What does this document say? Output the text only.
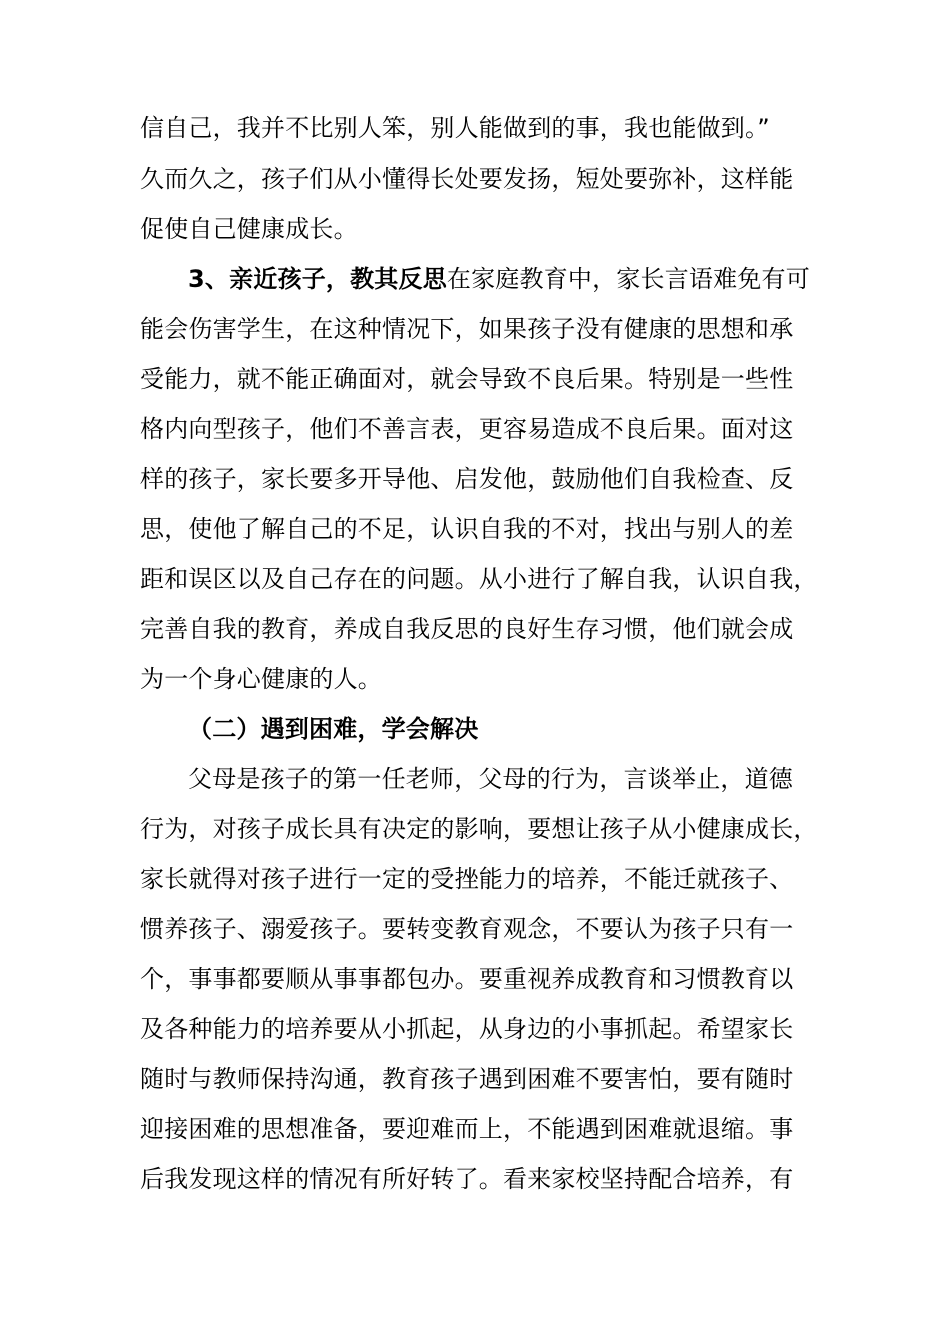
信自己，我并不比别人笨，别人能做到的事，我也能做到。”
久而久之，孩子们从小懂得长处要发扬，短处要弥补，这样能
促使自己健康成长。
3、亲近孩子，教其反思在家庭教育中，家长言语难免有可
能会伤害学生，在这种情况下，如果孩子没有健康的思想和承
受能力，就不能正确面对，就会导致不良后果。特别是一些性
格内向型孩子，他们不善言表，更容易造成不良后果。面对这
样的孩子，家长要多开导他、启发他，鼓励他们自我检查、反
思，使他了解自己的不足，认识自我的不对，找出与别人的差
距和误区以及自己存在的问题。从小进行了解自我，认识自我，
完善自我的教育，养成自我反思的良好生存习惯，他们就会成
为一个身心健康的人。
（二）遇到困难，学会解决
父母是孩子的第一任老师，父母的行为，言谈举止，道德
行为，对孩子成长具有决定的影响，要想让孩子从小健康成长，
家长就得对孩子进行一定的受挫能力的培养，不能迁就孩子、
惯养孩子、溺爱孩子。要转变教育观念，不要认为孩子只有一
个，事事都要顺从事事都包办。要重视养成教育和习惯教育以
及各种能力的培养要从小抓起，从身边的小事抓起。希望家长
随时与教师保持沟通，教育孩子遇到困难不要害怕，要有随时
迎接困难的思想准备，要迎难而上，不能遇到困难就退缩。事
后我发现这样的情况有所好转了。看来家校坚持配合培养，有
